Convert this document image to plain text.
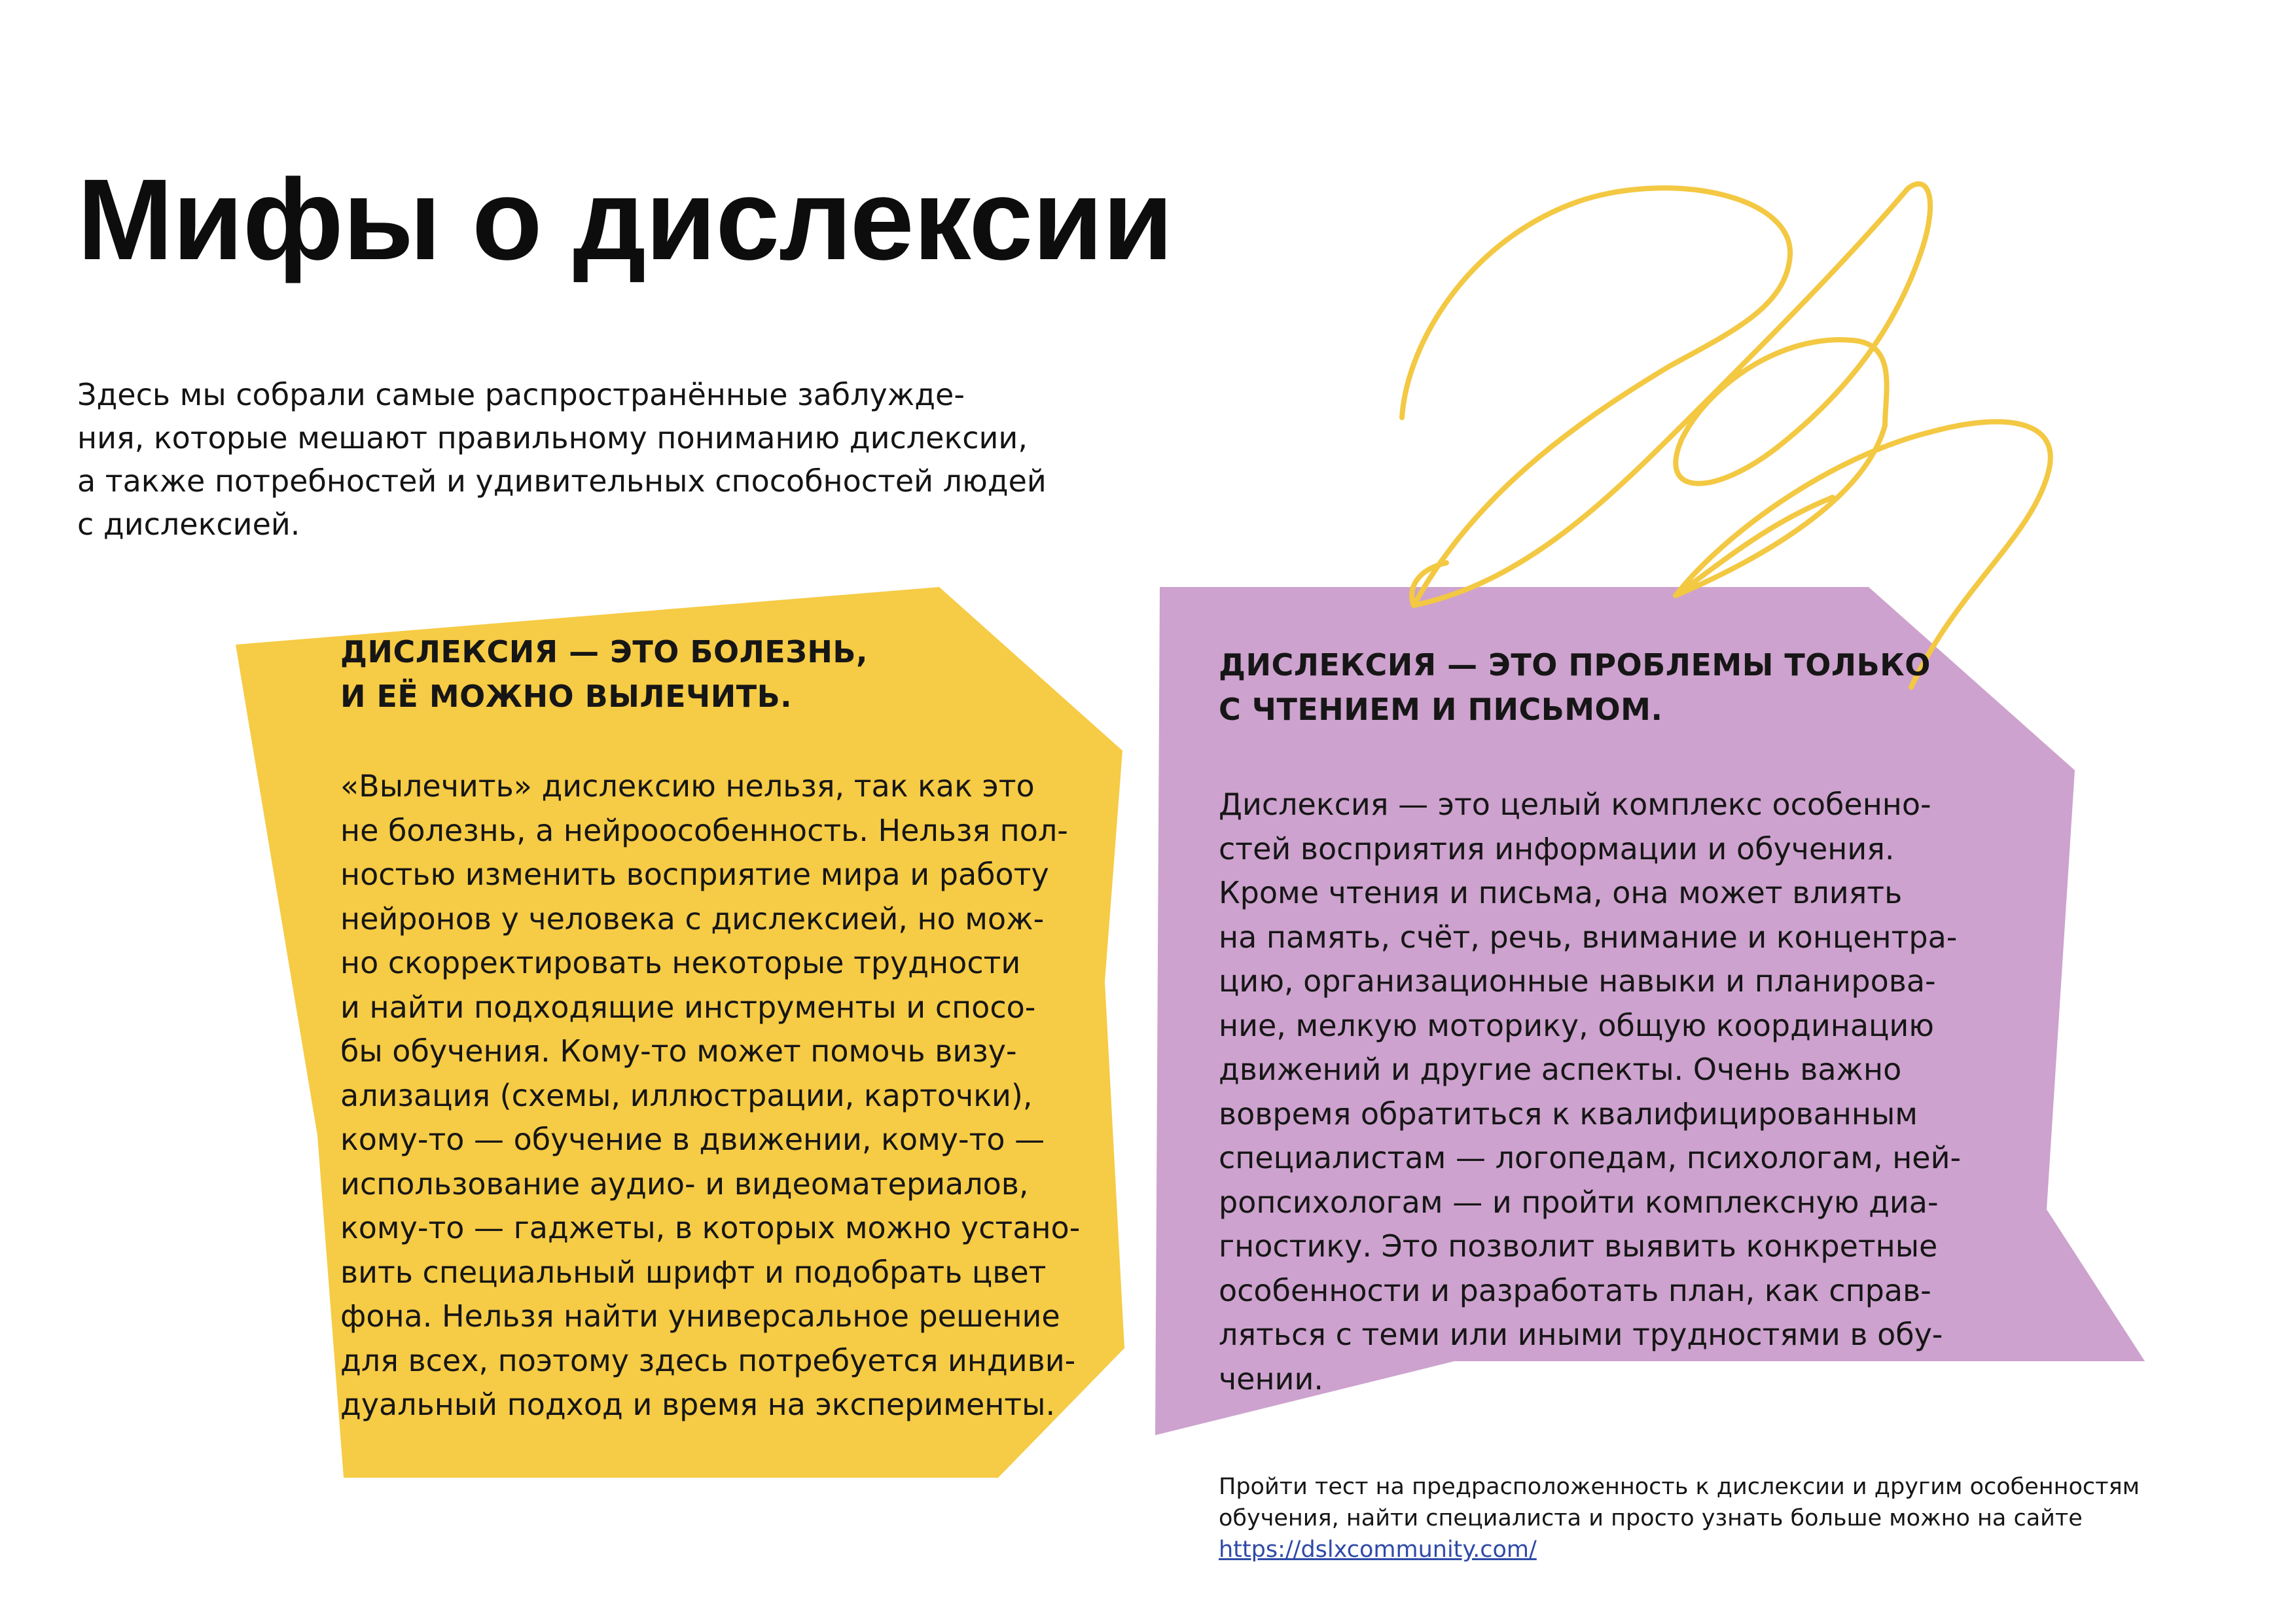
Мифы о дислексии

Здесь мы собрали самые распространённые заблужде-
ния, которые мешают правильному пониманию дислексии,
а также потребностей и удивительных способностей людей
с дислексией.

ДИСЛЕКСИЯ — ЭТО БОЛЕЗНЬ,
И ЕЁ МОЖНО ВЫЛЕЧИТЬ.
«Вылечить» дислексию нельзя, так как это
не болезнь, а нейроособенность. Нельзя пол-
ностью изменить восприятие мира и работу
нейронов у человека с дислексией, но мож-
но скорректировать некоторые трудности
и найти подходящие инструменты и спосо-
бы обучения. Кому-то может помочь визу-
ализация (схемы, иллюстрации, карточки),
кому-то — обучение в движении, кому-то —
использование аудио- и видеоматериалов,
кому-то — гаджеты, в которых можно устано-
вить специальный шрифт и подобрать цвет
фона. Нельзя найти универсальное решение
для всех, поэтому здесь потребуется индиви-
дуальный подход и время на эксперименты.
ДИСЛЕКСИЯ — ЭТО ПРОБЛЕМЫ ТОЛЬКО
С ЧТЕНИЕМ И ПИСЬМОМ.
Дислексия — это целый комплекс особенно-
стей восприятия информации и обучения.
Кроме чтения и письма, она может влиять
на память, счёт, речь, внимание и концентра-
цию, организационные навыки и планирова-
ние, мелкую моторику, общую координацию
движений и другие аспекты. Очень важно
вовремя обратиться к квалифицированным
специалистам — логопедам, психологам, ней-
ропсихологам — и пройти комплексную диа-
гностику. Это позволит выявить конкретные
особенности и разработать план, как справ-
ляться с теми или иными трудностями в обу-
чении.

Пройти тест на предрасположенность к дислексии и другим особенностям
обучения, найти специалиста и просто узнать больше можно на сайте
https://dslxcommunity.com/
